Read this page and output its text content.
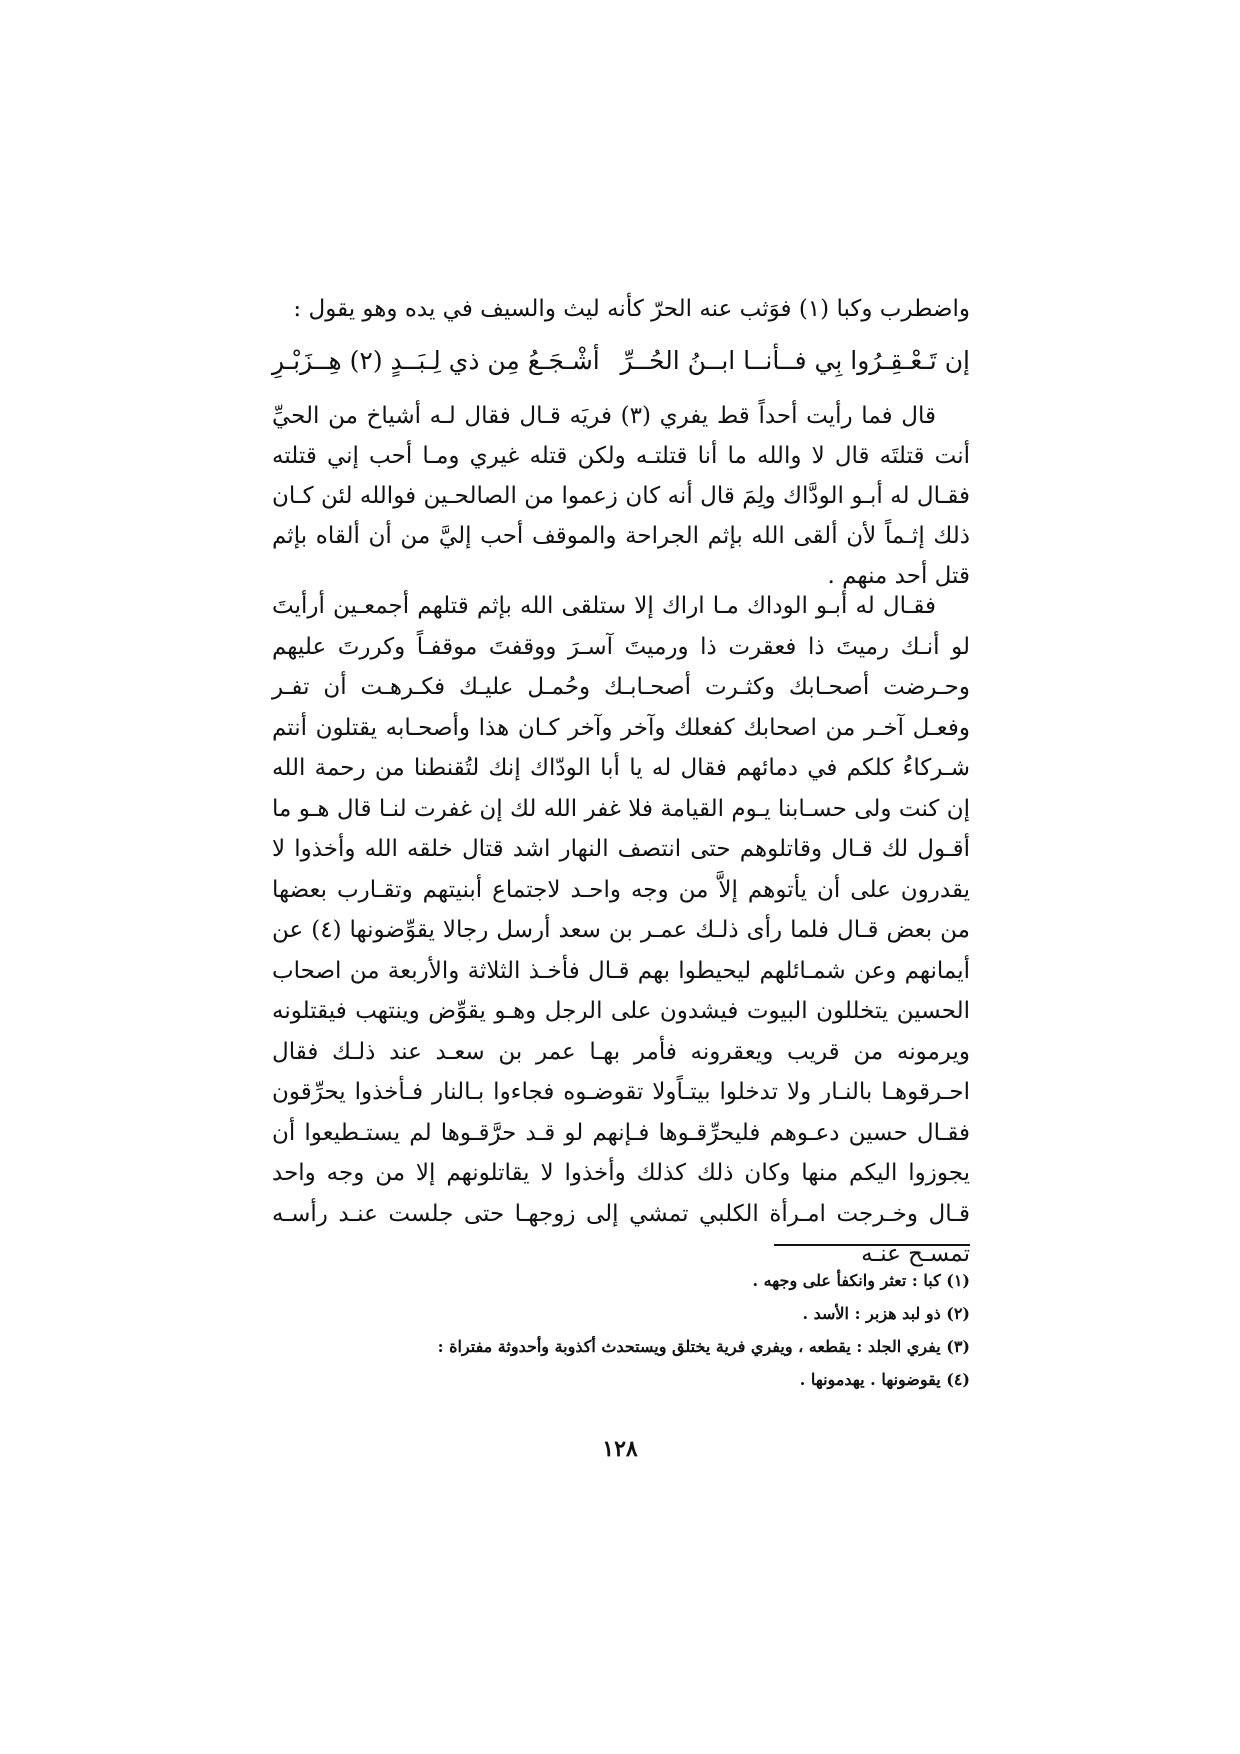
واضطرب وكبا (١) فوَثب عنه الحرّ كأنه ليث والسيف في يده وهو يقول :
إن تَـعْـقِـرُوا بِي فــأنــا ابــنُ الحُــرِّ
أشْـجَـعُ مِن ذي لِـبَــدٍ (٢) هِــزَبْـرِ
قال فما رأيت أحداً قط يفري (٣) فريَه قـال فقال لـه أشياخ من الحيِّ أنت قتلتَه قال لا والله ما أنا قتلتـه ولكن قتله غيري ومـا أحب إني قتلته فقـال له أبـو الودَّاك ولِمَ قال أنه كان زعموا من الصالحـين فوالله لئن كـان ذلك إثـماً لأن ألقى الله بإثم الجراحة والموقف أحب إليَّ من أن ألقاه بإثم قتل أحد منهم .
فقـال له أبـو الوداك مـا اراك إلا ستلقى الله بإثم قتلهم أجمعـين أرأيتَ لو أنـك رميتَ ذا فعقرت ذا ورميتَ آسـرَ ووقفتَ موقفـاً وكررتَ عليهم وحـرضت أصحـابك وكثـرت أصحـابـك وحُمـل عليـك فكـرهـت أن تفـر وفعـل آخـر من اصحابك كفعلك وآخر وآخر كـان هذا وأصحـابه يقتلون أنتم شـركاءُ كلكم في دمائهم فقال له يا أبا الودّاك إنك لتُقنطنا من رحمة الله إن كنت ولى حسـابنا يـوم القيامة فلا غفر الله لك إن غفرت لنـا قال هـو ما أقـول لك قـال وقاتلوهم حتى انتصف النهار اشد قتال خلقه الله وأخذوا لا يقدرون على أن يأتوهم إلاَّ من وجه واحـد لاجتماع أبنيتهم وتقـارب بعضها من بعض قـال فلما رأى ذلـك عمـر بن سعد أرسل رجالا يقوِّضونها (٤) عن أيمانهم وعن شمـائلهم ليحيطوا بهم قـال فأخـذ الثلاثة والأربعة من اصحاب الحسين يتخللون البيوت فيشدون على الرجل وهـو يقوِّض وينتهب فيقتلونه ويرمونه من قريب ويعقرونه فأمر بهـا عمر بن سعـد عند ذلـك فقال احـرقوهـا بالنـار ولا تدخلوا بيتـاًولا تقوضـوه فجاءوا بـالنار فـأخذوا يحرِّقون فقـال حسين دعـوهم فليحرِّقـوها فـإنهم لو قـد حرَّقـوها لم يستـطيعوا أن يجوزوا اليكم منها وكان ذلك كذلك وأخذوا لا يقاتلونهم إلا من وجه واحد قـال وخـرجت امـرأة الكلبي تمشي إلى زوجهـا حتى جلست عنـد رأسـه تمسـح عنـه
(١) كبا : تعثر وانكفأ على وجهه .
(٢) ذو لبد هزبر : الأسد .
(٣) يفري الجلد : يقطعه ، ويفري فرية يختلق ويستحدث أكذوبة وأحدوثة مفتراة :
(٤) يقوضونها . يهدمونها .
١٢٨
